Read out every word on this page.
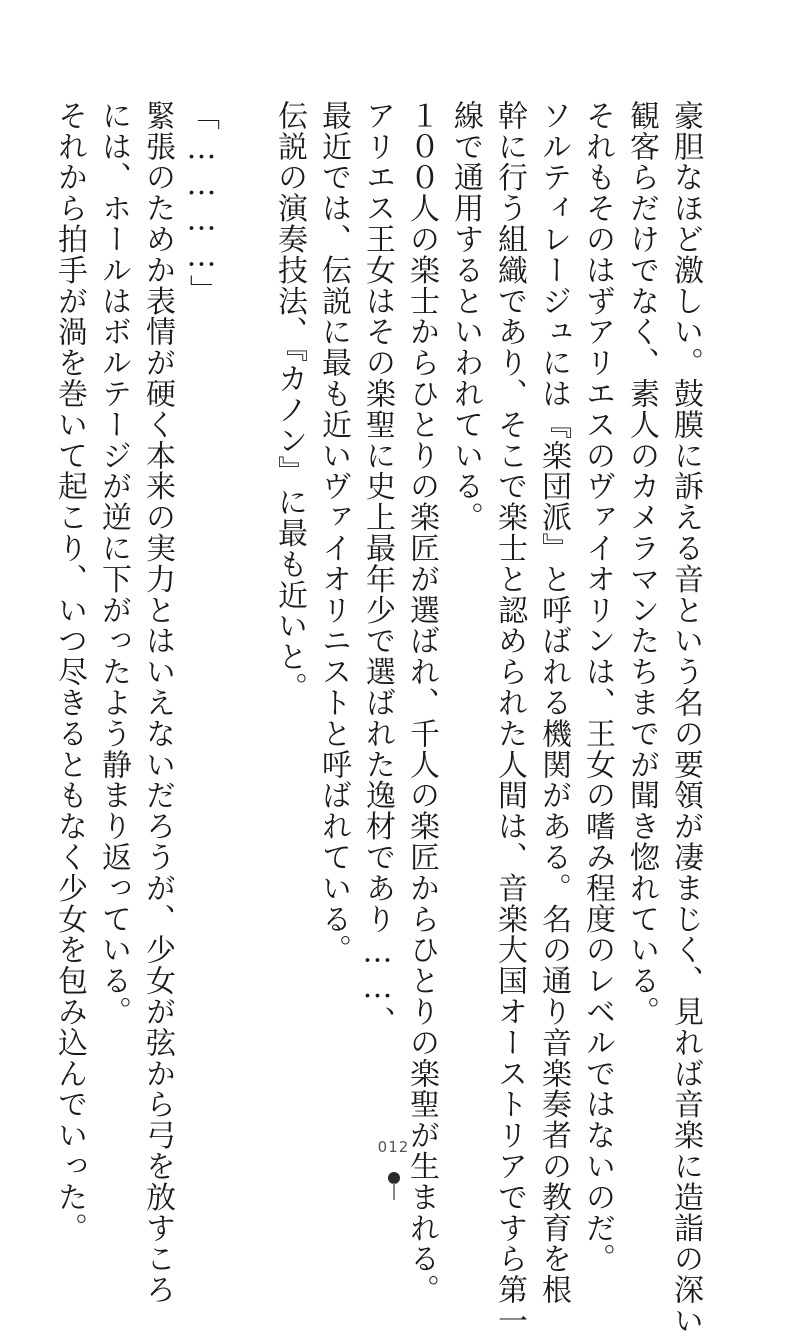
豪胆なほど激しい。鼓膜に訴える音という名の要領が凄まじく、見れば音楽に造詣の深い
観客らだけでなく、素人のカメラマンたちまでが聞き惚れている。
それもそのはずアリエスのヴァイオリンは、王女の嗜み程度のレベルではないのだ。
ソルティレージュには『楽団派』と呼ばれる機関がある。名の通り音楽奏者の教育を根
幹に行う組織であり、そこで楽士と認められた人間は、音楽大国オーストリアですら第一
線で通用するといわれている。
１００人の楽士からひとりの楽匠が選ばれ、千人の楽匠からひとりの楽聖が生まれる。
アリエス王女はその楽聖に史上最年少で選ばれた逸材であり……、
最近では、伝説に最も近いヴァイオリニストと呼ばれている。
伝説の演奏技法、『カノン』に最も近いと。
「…………」
緊張のためか表情が硬く本来の実力とはいえないだろうが、少女が弦から弓を放すころ
には、ホールはボルテージが逆に下がったよう静まり返っている。
それから拍手が渦を巻いて起こり、いつ尽きるともなく少女を包み込んでいった。	012
